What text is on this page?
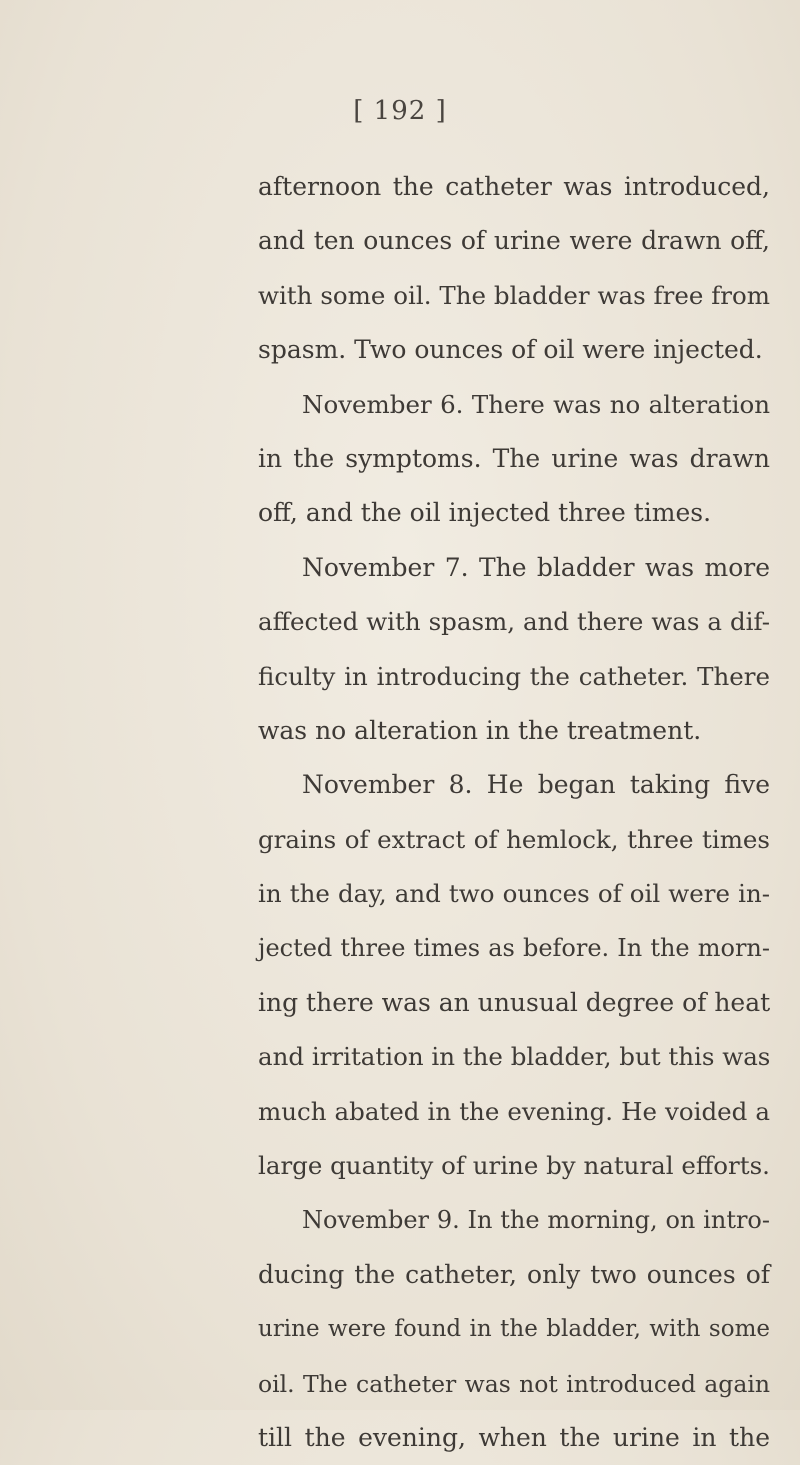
[ 192 ]
afternoon the catheter was introduced,
and ten ounces of urine were drawn off,
with some oil. The bladder was free from
spasm. Two ounces of oil were injected.
November 6. There was no alteration
in the symptoms. The urine was drawn
off, and the oil injected three times.
November 7. The bladder was more
affected with spasm, and there was a dif-
ficulty in introducing the catheter. There
was no alteration in the treatment.
November 8. He began taking five
grains of extract of hemlock, three times
in the day, and two ounces of oil were in-
jected three times as before. In the morn-
ing there was an unusual degree of heat
and irritation in the bladder, but this was
much abated in the evening. He voided a
large quantity of urine by natural efforts.
November 9. In the morning, on intro-
ducing the catheter, only two ounces of
urine were found in the bladder, with some
oil. The catheter was not introduced again
till the evening, when the urine in the
